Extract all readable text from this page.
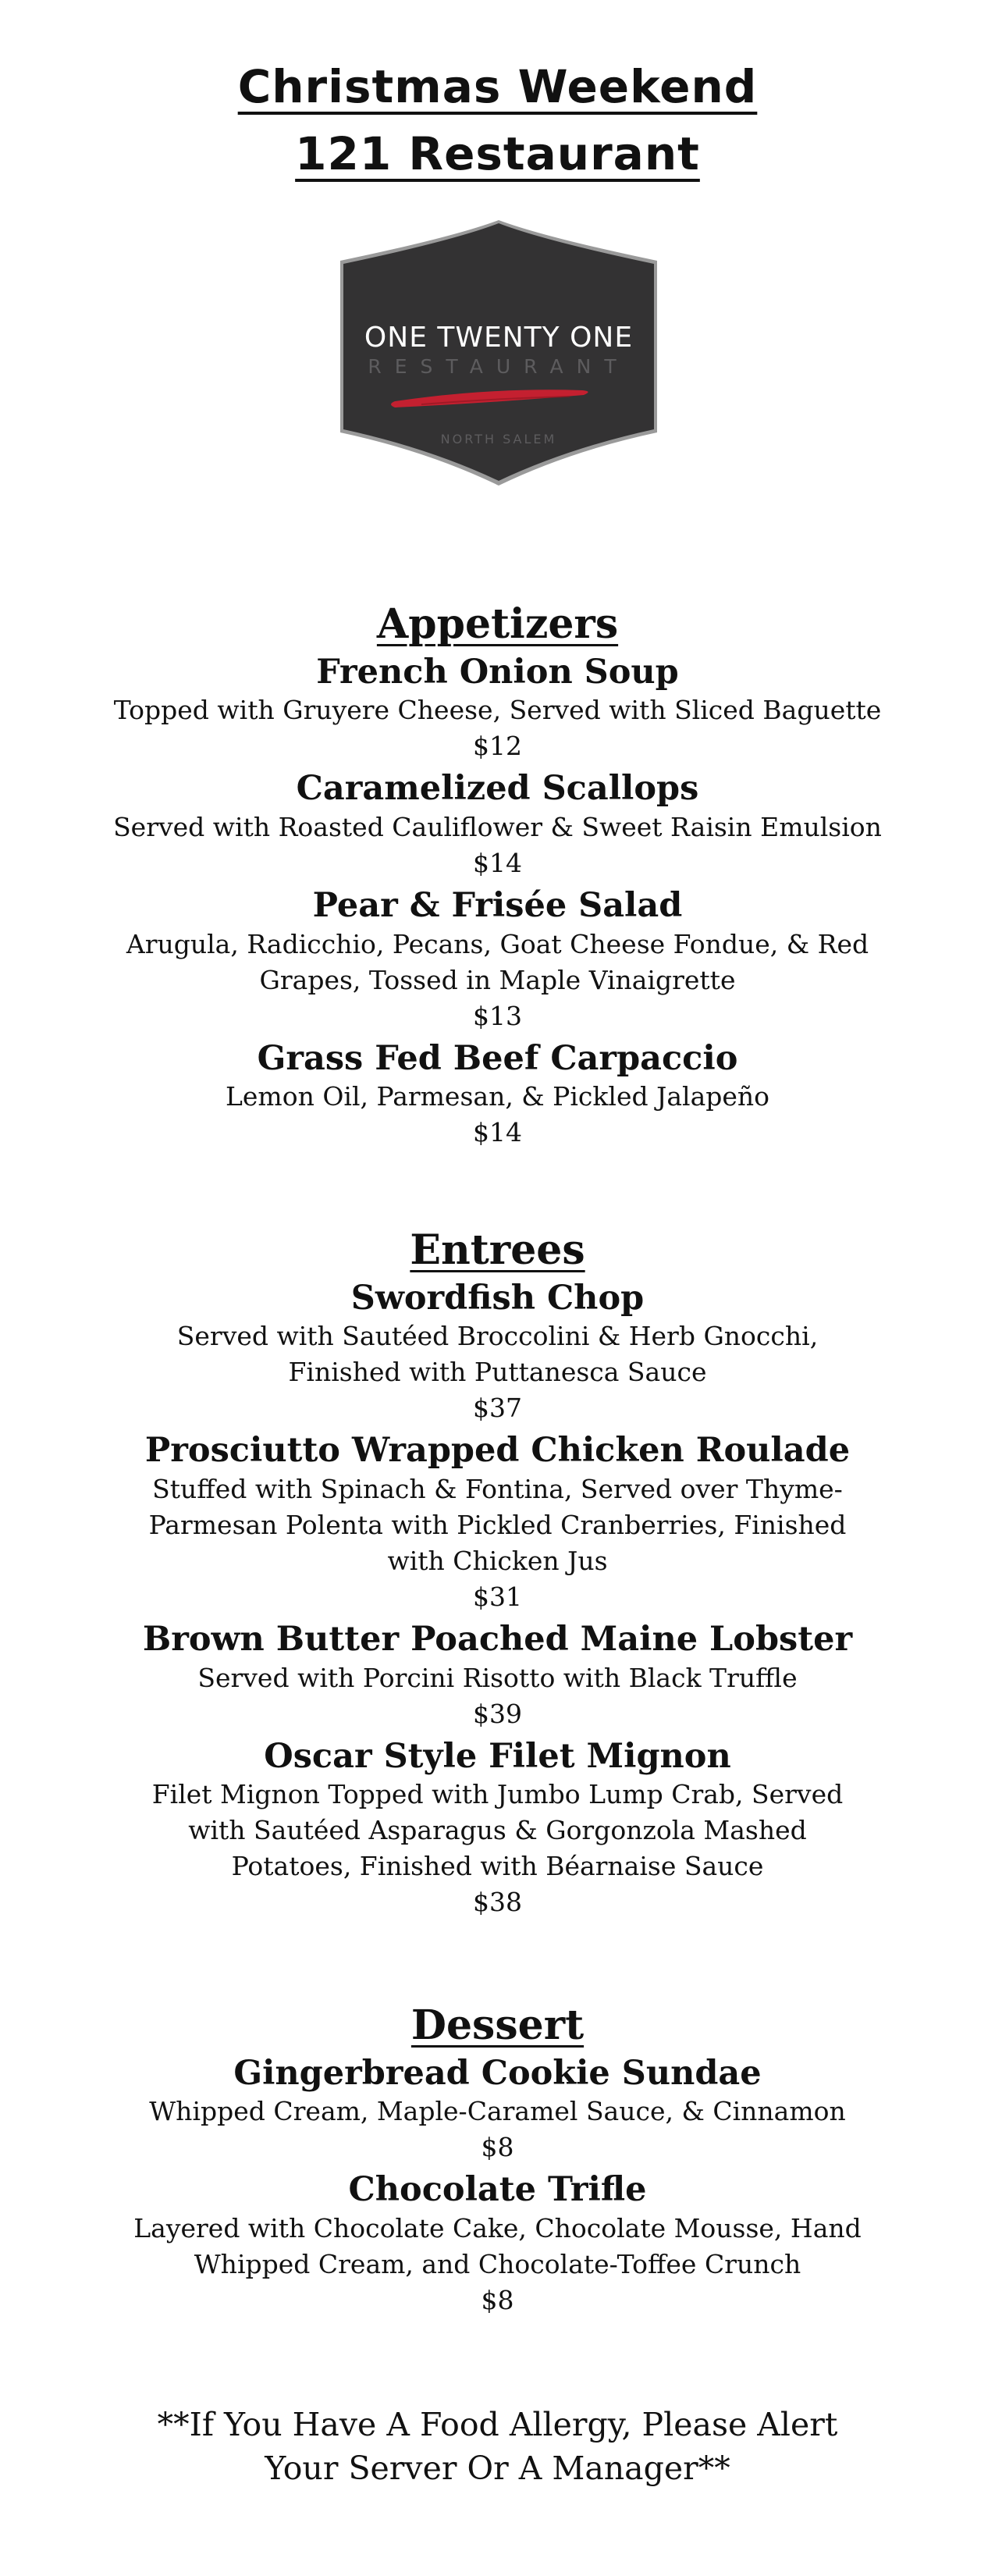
Christmas Weekend
121 Restaurant
ONE TWENTY ONE
RESTAURANT
NORTH SALEM
Appetizers

French Onion Soup

Topped with Gruyere Cheese, Served with Sliced Baguette

$12

Caramelized Scallops

Served with Roasted Cauliflower & Sweet Raisin Emulsion

$14

Pear & Frisée Salad

Arugula, Radicchio, Pecans, Goat Cheese Fondue, & Red Grapes, Tossed in Maple Vinaigrette

$13

Grass Fed Beef Carpaccio

Lemon Oil, Parmesan, & Pickled Jalapeño

$14

Entrees

Swordfish Chop

Served with Sautéed Broccolini & Herb Gnocchi, Finished with Puttanesca Sauce

$37

Prosciutto Wrapped Chicken Roulade

Stuffed with Spinach & Fontina, Served over Thyme-Parmesan Polenta with Pickled Cranberries, Finished with Chicken Jus

$31

Brown Butter Poached Maine Lobster

Served with Porcini Risotto with Black Truffle

$39

Oscar Style Filet Mignon

Filet Mignon Topped with Jumbo Lump Crab, Served with Sautéed Asparagus & Gorgonzola Mashed Potatoes, Finished with Béarnaise Sauce

$38

Dessert

Gingerbread Cookie Sundae

Whipped Cream, Maple-Caramel Sauce, & Cinnamon

$8

Chocolate Trifle

Layered with Chocolate Cake, Chocolate Mousse, Hand Whipped Cream, and Chocolate-Toffee Crunch

$8

**If You Have A Food Allergy, Please Alert Your Server Or A Manager**
